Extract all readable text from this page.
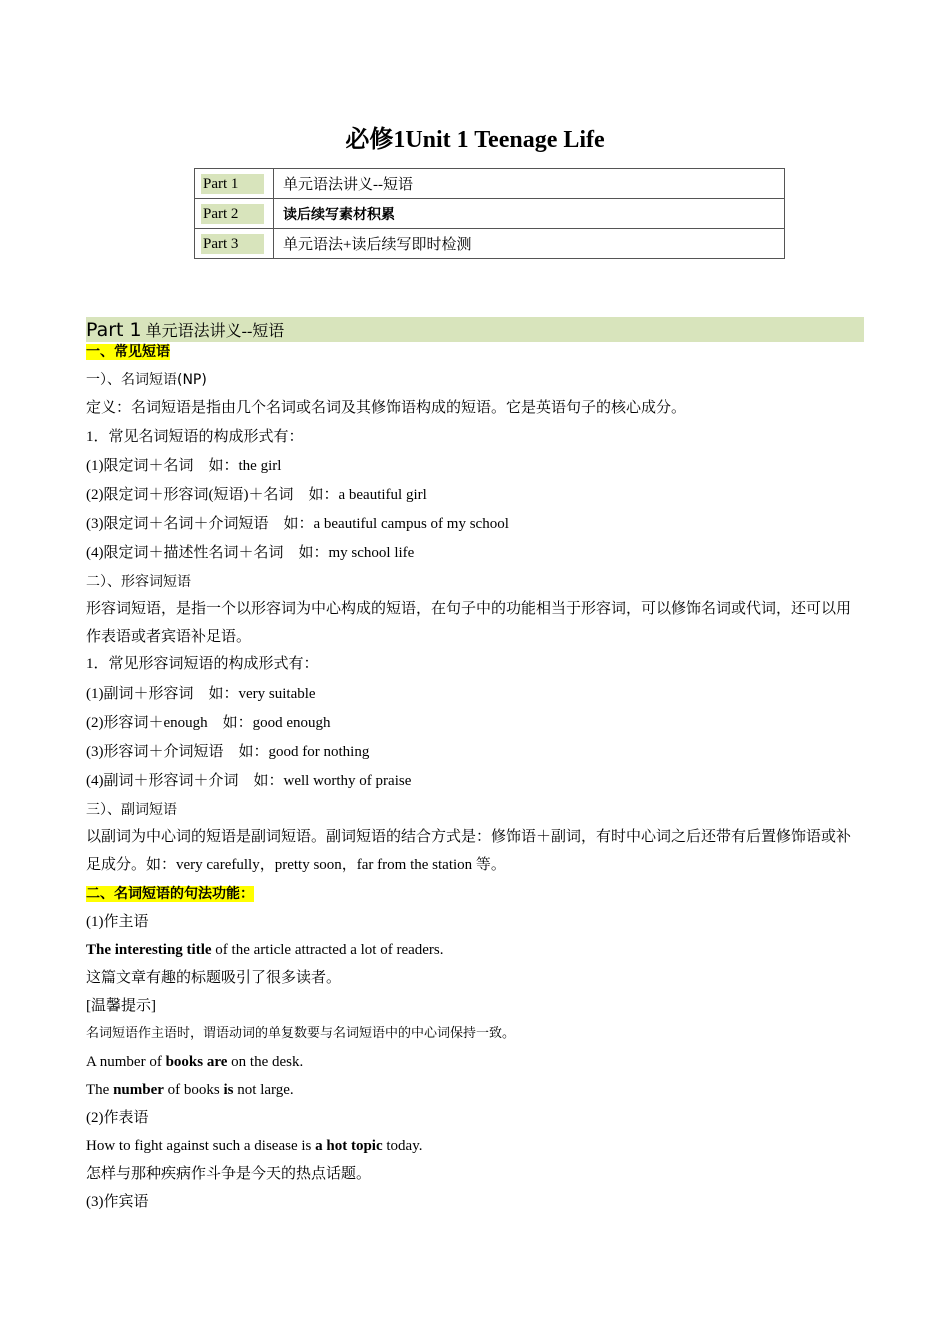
必修1Unit 1 Teenage Life
Part 1	单元语法讲义--短语
Part 2	读后续写素材积累
Part 3	单元语法+读后续写即时检测
Part 1 单元语法讲义--短语
一、常见短语
一）、名词短语(NP)
定义：名词短语是指由几个名词或名词及其修饰语构成的短语。它是英语句子的核心成分。
1．常见名词短语的构成形式有：
(1)限定词＋名词　如：the girl
(2)限定词＋形容词(短语)＋名词　如：a beautiful girl
(3)限定词＋名词＋介词短语　如：a beautiful campus of my school
(4)限定词＋描述性名词＋名词　如：my school life
二）、形容词短语
形容词短语，是指一个以形容词为中心构成的短语，在句子中的功能相当于形容词，可以修饰名词或代词，还可以用作表语或者宾语补足语。
1．常见形容词短语的构成形式有：
(1)副词＋形容词　如：very suitable
(2)形容词＋enough　如：good enough
(3)形容词＋介词短语　如：good for nothing
(4)副词＋形容词＋介词　如：well worthy of praise
三）、副词短语
以副词为中心词的短语是副词短语。副词短语的结合方式是：修饰语＋副词，有时中心词之后还带有后置修饰语或补足成分。如：very carefully，pretty soon，far from the station 等。
二、名词短语的句法功能：
(1)作主语
The interesting title of the article attracted a lot of readers.
这篇文章有趣的标题吸引了很多读者。
[温馨提示]
名词短语作主语时，谓语动词的单复数要与名词短语中的中心词保持一致。
A number of books are on the desk.
The number of books is not large.
(2)作表语
How to fight against such a disease is a hot topic today.
怎样与那种疾病作斗争是今天的热点话题。
(3)作宾语
